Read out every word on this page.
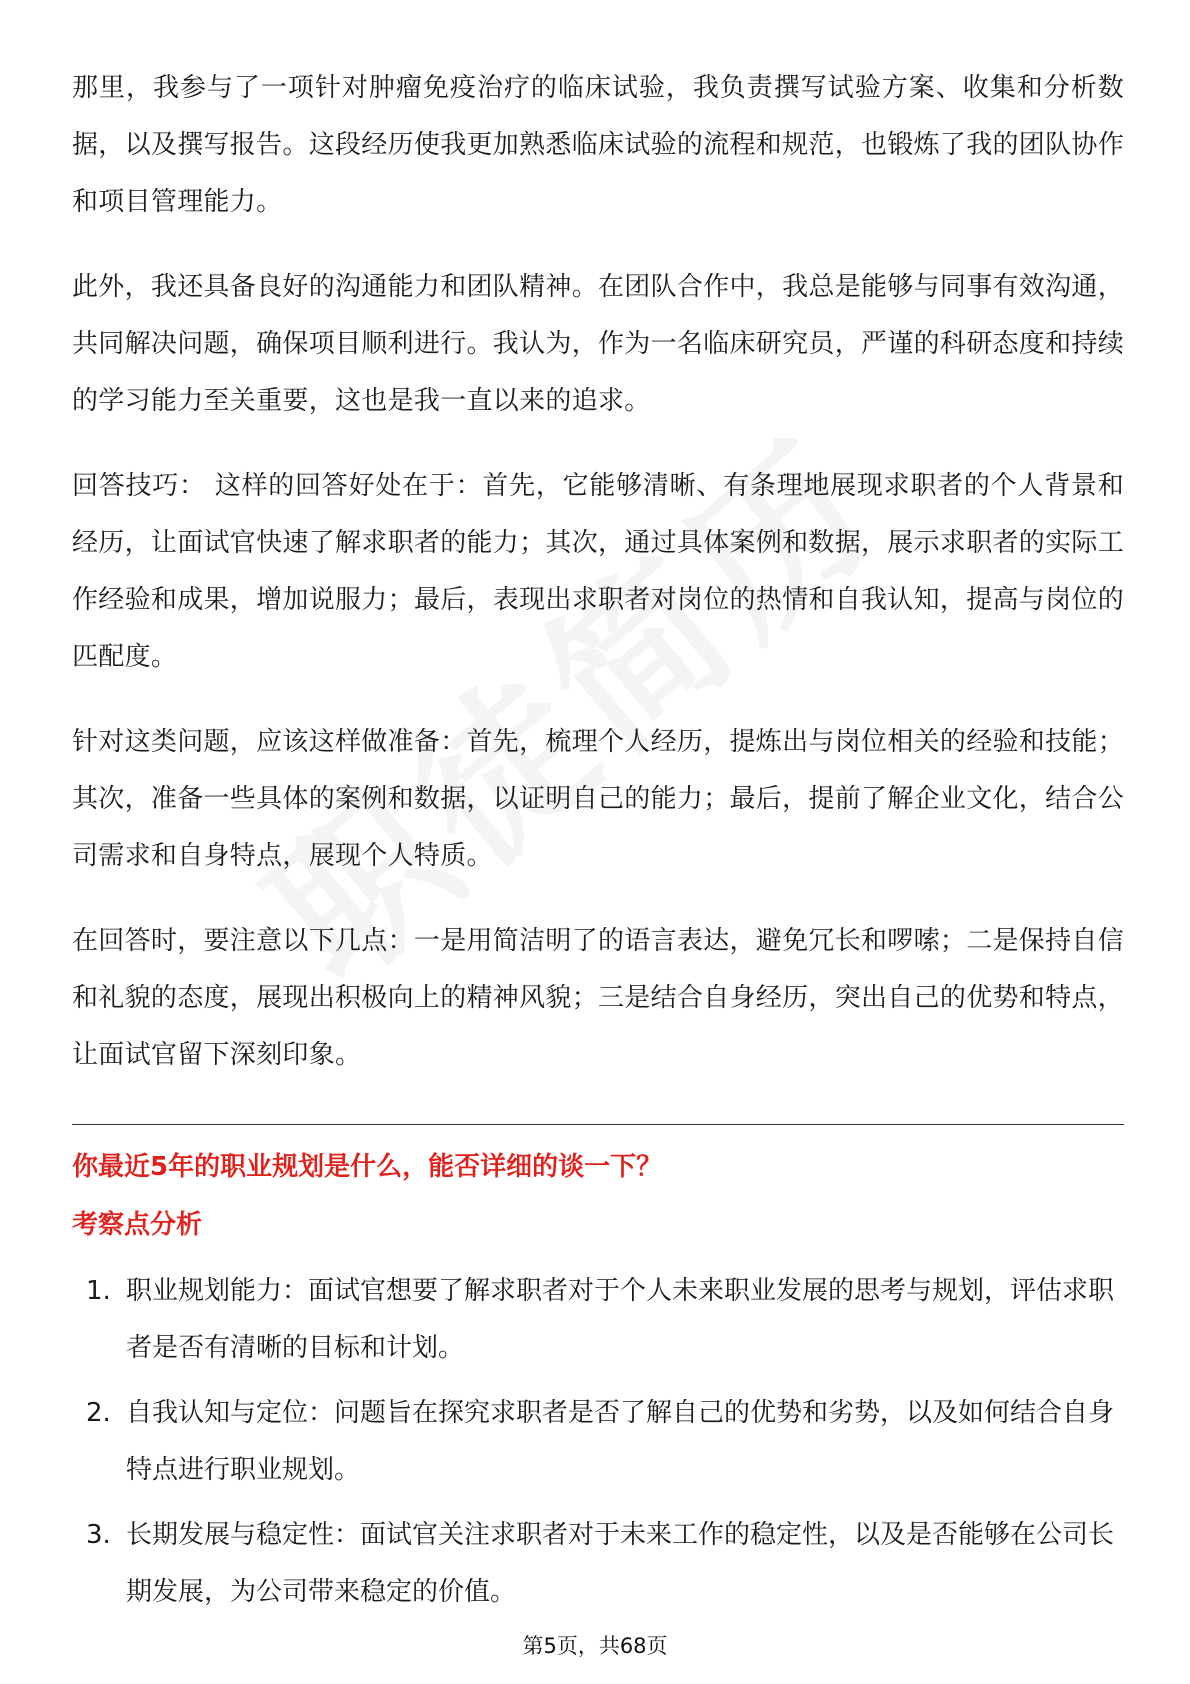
那里，我参与了一项针对肿瘤免疫治疗的临床试验，我负责撰写试验方案、收集和分析数据，以及撰写报告。这段经历使我更加熟悉临床试验的流程和规范，也锻炼了我的团队协作和项目管理能力。

此外，我还具备良好的沟通能力和团队精神。在团队合作中，我总是能够与同事有效沟通，共同解决问题，确保项目顺利进行。我认为，作为一名临床研究员，严谨的科研态度和持续的学习能力至关重要，这也是我一直以来的追求。

回答技巧： 这样的回答好处在于：首先，它能够清晰、有条理地展现求职者的个人背景和经历，让面试官快速了解求职者的能力；其次，通过具体案例和数据，展示求职者的实际工作经验和成果，增加说服力；最后，表现出求职者对岗位的热情和自我认知，提高与岗位的匹配度。

针对这类问题，应该这样做准备：首先，梳理个人经历，提炼出与岗位相关的经验和技能；其次，准备一些具体的案例和数据，以证明自己的能力；最后，提前了解企业文化，结合公司需求和自身特点，展现个人特质。

在回答时，要注意以下几点：一是用简洁明了的语言表达，避免冗长和啰嗦；二是保持自信和礼貌的态度，展现出积极向上的精神风貌；三是结合自身经历，突出自己的优势和特点，让面试官留下深刻印象。

你最近5年的职业规划是什么，能否详细的谈一下？
考察点分析
1. 职业规划能力：面试官想要了解求职者对于个人未来职业发展的思考与规划，评估求职者是否有清晰的目标和计划。
2. 自我认知与定位：问题旨在探究求职者是否了解自己的优势和劣势，以及如何结合自身特点进行职业规划。
3. 长期发展与稳定性：面试官关注求职者对于未来工作的稳定性，以及是否能够在公司长期发展，为公司带来稳定的价值。
第5页，共68页
